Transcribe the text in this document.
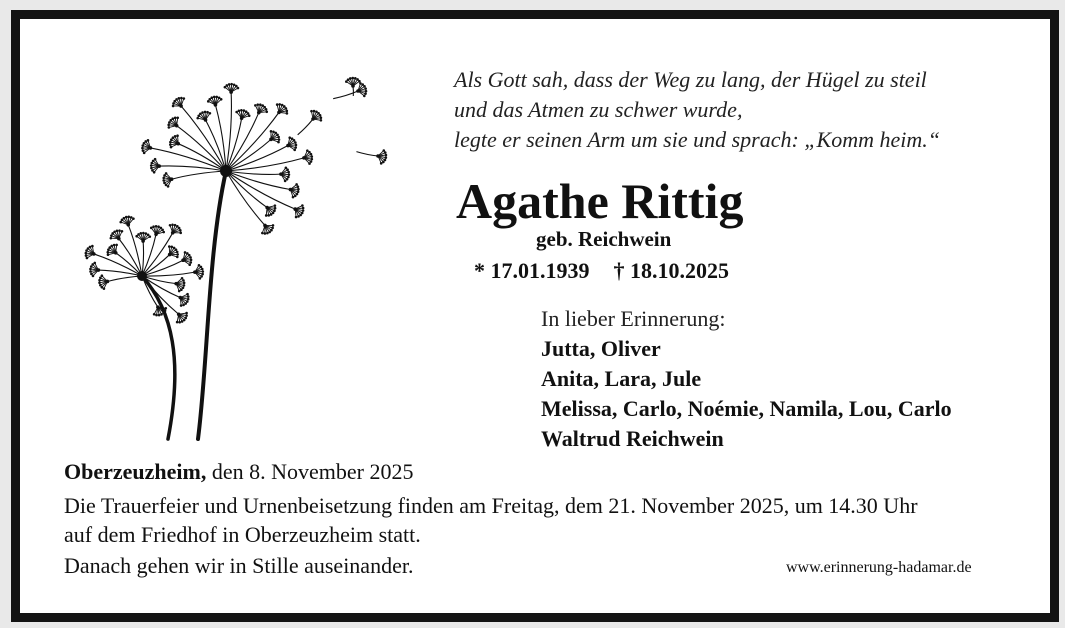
Als Gott sah, dass der Weg zu lang, der Hügel zu steil
und das Atmen zu schwer wurde,
legte er seinen Arm um sie und sprach: „Komm heim.“
Agathe Rittig
geb. Reichwein
* 17.01.1939 † 18.10.2025
In lieber Erinnerung:
Jutta, Oliver
Anita, Lara, Jule
Melissa, Carlo, Noémie, Namila, Lou, Carlo
Waltrud Reichwein
Oberzeuzheim, den 8. November 2025
Die Trauerfeier und Urnenbeisetzung finden am Freitag, dem 21. November 2025, um 14.30 Uhr
auf dem Friedhof in Oberzeuzheim statt.
Danach gehen wir in Stille auseinander.	www.erinnerung-hadamar.de
